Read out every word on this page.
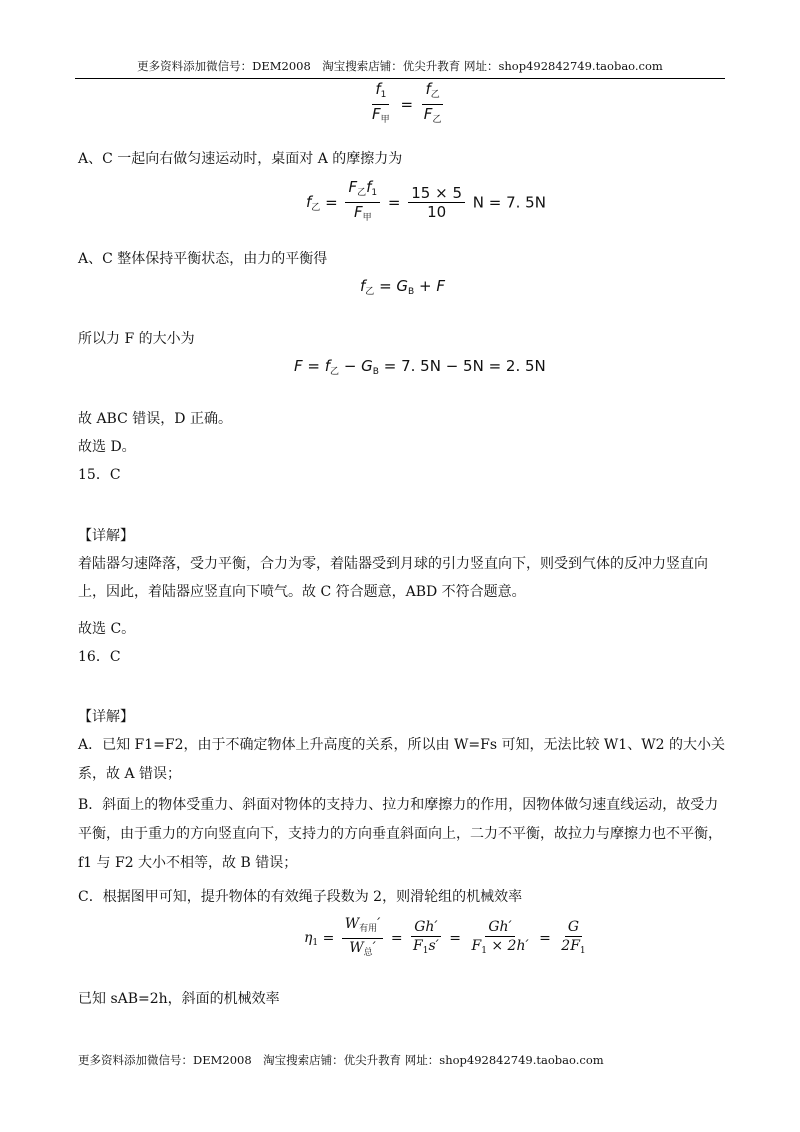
更多资料添加微信号：DEM2008　淘宝搜索店铺：优尖升教育 网址：shop492842749.taobao.com
$\frac{f_1}{F_甲} = \frac{f_乙}{F_乙}$
A、C 一起向右做匀速运动时，桌面对 A 的摩擦力为
$f_乙 = \frac{F_乙f_1}{F_甲} = \frac{15 \times 5}{10}$ N = 7. 5N
A、C 整体保持平衡状态，由力的平衡得
$f_乙 = G_B + F$
所以力 F 的大小为
$F = f_乙 - G_B = 7$. 5N − 5N = 2. 5N
故 ABC 错误，D 正确。
故选 D。
15．C
【详解】
着陆器匀速降落，受力平衡，合力为零，着陆器受到月球的引力竖直向下，则受到气体的反冲力竖直向上，因此，着陆器应竖直向下喷气。故 C 符合题意，ABD 不符合题意。
故选 C。
16．C
【详解】
A．已知 F1=F2，由于不确定物体上升高度的关系，所以由 W=Fs 可知，无法比较 W1、W2 的大小关系，故 A 错误；
B．斜面上的物体受重力、斜面对物体的支持力、拉力和摩擦力的作用，因物体做匀速直线运动，故受力平衡，由于重力的方向竖直向下，支持力的方向垂直斜面向上，二力不平衡，故拉力与摩擦力也不平衡，f1 与 F2 大小不相等，故 B 错误；
C．根据图甲可知，提升物体的有效绳子段数为 2，则滑轮组的机械效率
$\eta_1 = \frac{W_{有用}'}{W_总'} = \frac{Gh'}{F_1s'} = \frac{Gh'}{F_1 \times 2h'} = \frac{G}{2F_1}$
已知 sAB=2h，斜面的机械效率
更多资料添加微信号：DEM2008　淘宝搜索店铺：优尖升教育 网址：shop492842749.taobao.com
